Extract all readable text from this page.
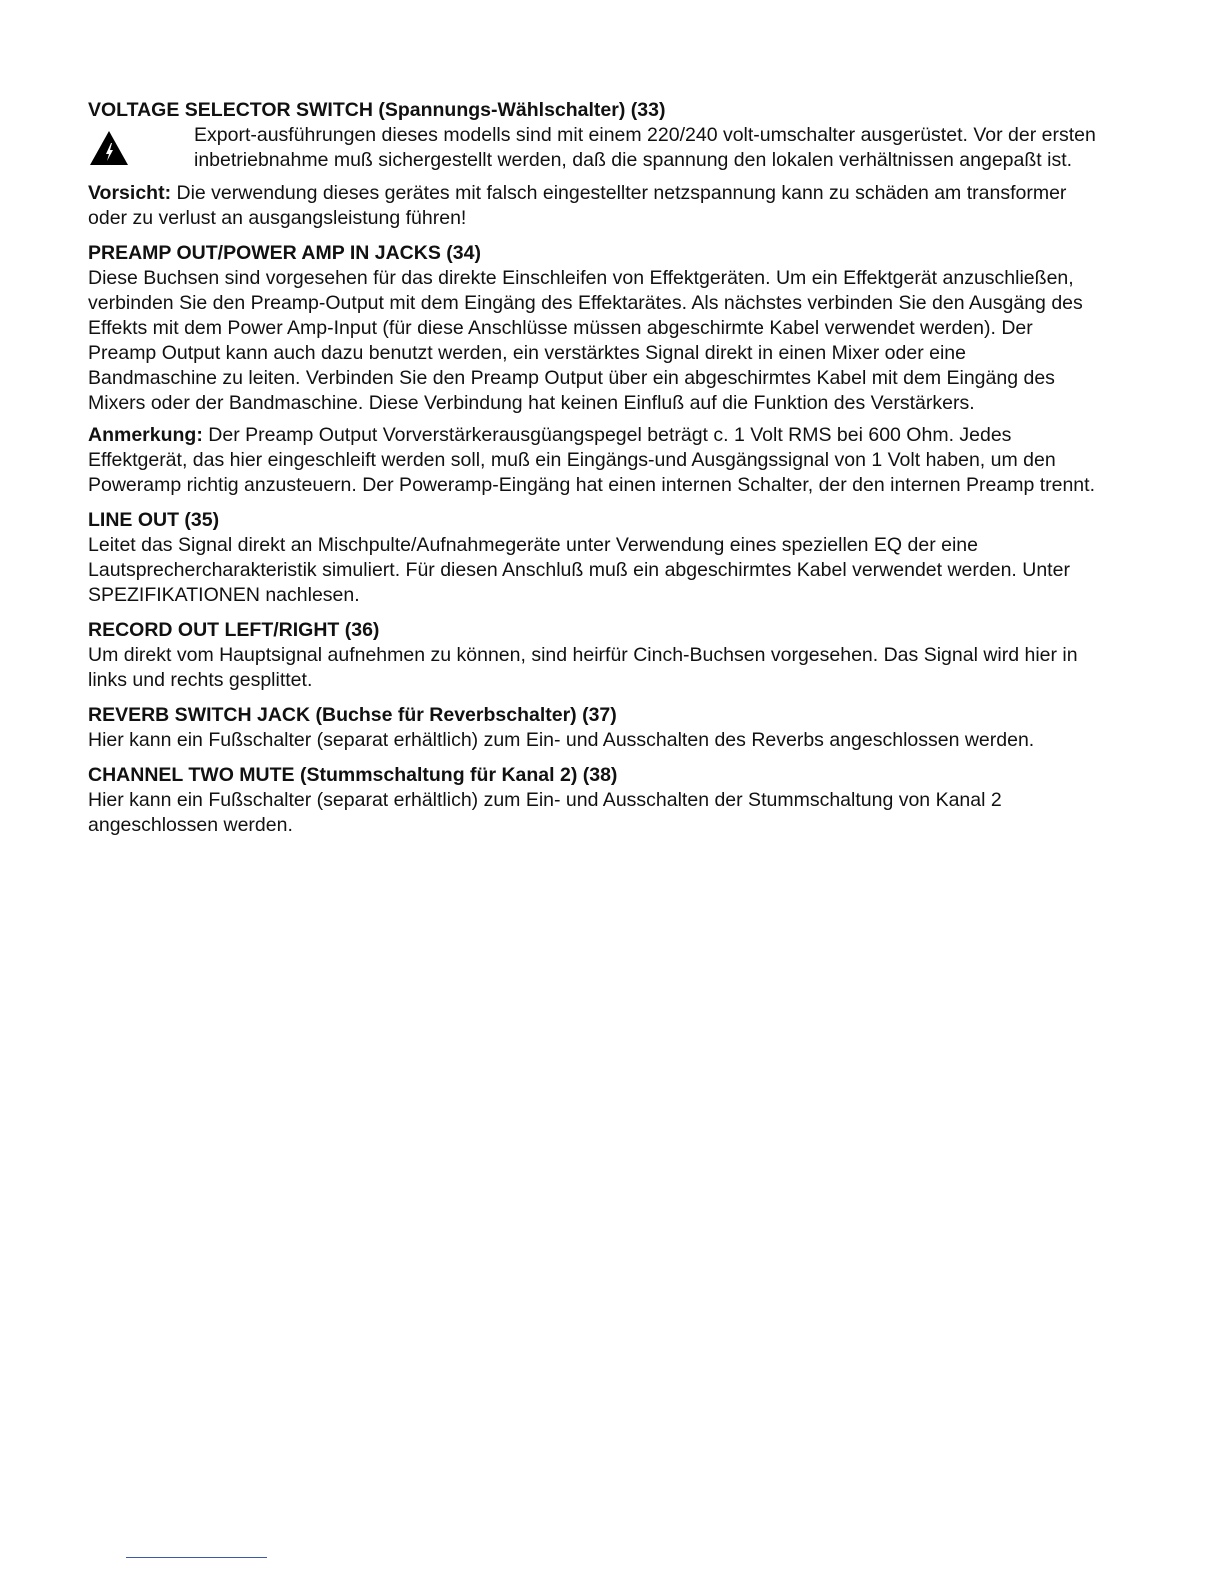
VOLTAGE SELECTOR SWITCH (Spannungs-Wählschalter) (33)

Export-ausführungen dieses modells sind mit einem 220/240 volt-umschalter ausgerüstet. Vor der ersten inbetriebnahme muß sichergestellt werden, daß die spannung den lokalen verhältnissen angepaßt ist.

Vorsicht: Die verwendung dieses gerätes mit falsch eingestellter netzspannung kann zu schäden am transformer oder zu verlust an ausgangsleistung führen!

PREAMP OUT/POWER AMP IN JACKS (34)

Diese Buchsen sind vorgesehen für das direkte Einschleifen von Effektgeräten. Um ein Effektgerät anzuschließen, verbinden Sie den Preamp-Output mit dem Eingäng des Effektarätes. Als nächstes verbinden Sie den Ausgäng des Effekts mit dem Power Amp-Input (für diese Anschlüsse müssen abgeschirmte Kabel verwendet werden). Der Preamp Output kann auch dazu benutzt werden, ein verstärktes Signal direkt in einen Mixer oder eine Bandmaschine zu leiten. Verbinden Sie den Preamp Output über ein abgeschirmtes Kabel mit dem Eingäng des Mixers oder der Bandmaschine. Diese Verbindung hat keinen Einfluß auf die Funktion des Verstärkers.

Anmerkung: Der Preamp Output Vorverstärkerausgüangspegel beträgt c. 1 Volt RMS bei 600 Ohm. Jedes Effektgerät, das hier eingeschleift werden soll, muß ein Eingängs-und Ausgängssignal von 1 Volt haben, um den Poweramp richtig anzusteuern. Der Poweramp-Eingäng hat einen internen Schalter, der den internen Preamp trennt.

LINE OUT (35)

Leitet das Signal direkt an Mischpulte/Aufnahmegeräte unter Verwendung eines speziellen EQ der eine Lautsprechercharakteristik simuliert. Für diesen Anschluß muß ein abgeschirmtes Kabel verwendet werden. Unter SPEZIFIKATIONEN nachlesen.

RECORD OUT LEFT/RIGHT (36)

Um direkt vom Hauptsignal aufnehmen zu können, sind heirfür Cinch-Buchsen vorgesehen. Das Signal wird hier in links und rechts gesplittet.

REVERB SWITCH JACK (Buchse für Reverbschalter) (37)

Hier kann ein Fußschalter (separat erhältlich) zum Ein- und Ausschalten des Reverbs angeschlossen werden.

CHANNEL TWO MUTE (Stummschaltung für Kanal 2) (38)

Hier kann ein Fußschalter (separat erhältlich) zum Ein- und Ausschalten der Stummschaltung von Kanal 2 angeschlossen werden.
